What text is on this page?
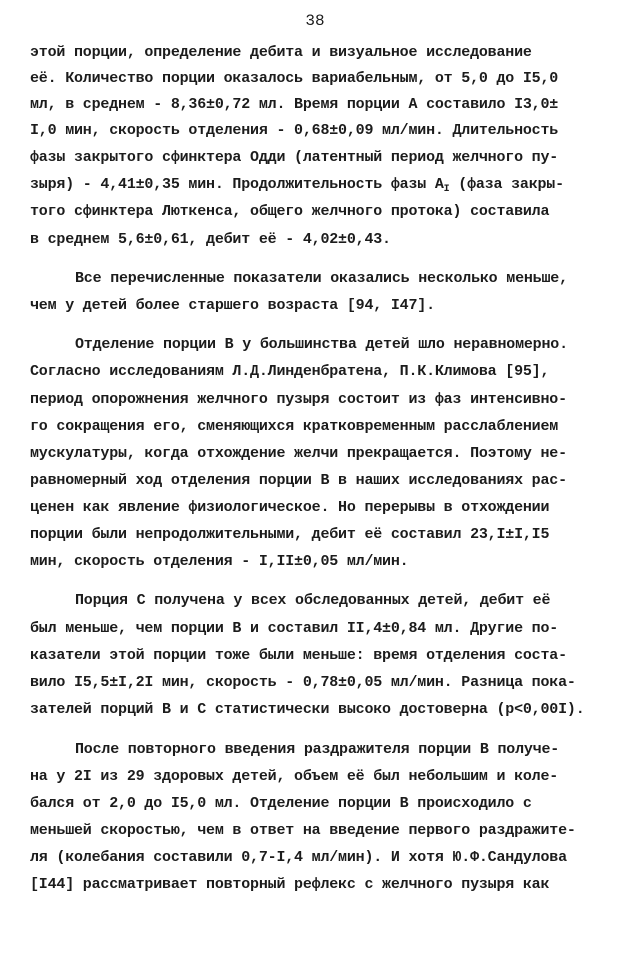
38
этой порции, определение дебита и визуальное исследование
её. Количество порции оказалось вариабельным, от 5,0 до I5,0
мл, в среднем - 8,36±0,72 мл. Время порции А составило I3,0±
I,0 мин, скорость отделения - 0,68±0,09 мл/мин. Длительность
фазы закрытого сфинктера Одди (латентный период желчного пу-
зыря) - 4,41±0,35 мин. Продолжительность фазы $A_I$ (фаза закры-
того сфинктера Люткенса, общего желчного протока) составила
в среднем 5,6±0,61, дебит её - 4,02±0,43.
Все перечисленные показатели оказались несколько меньше,
чем у детей более старшего возраста [94, I47].
Отделение порции В у большинства детей шло неравномерно.
Согласно исследованиям Л.Д.Линденбратена, П.К.Климова [95],
период опорожнения желчного пузыря состоит из фаз интенсивно-
го сокращения его, сменяющихся кратковременным расслаблением
мускулатуры, когда отхождение желчи прекращается. Поэтому не-
равномерный ход отделения порции В в наших исследованиях рас-
ценен как явление физиологическое. Но перерывы в отхождении
порции были непродолжительными, дебит её составил 23,I±I,I5
мин, скорость отделения - I,II±0,05 мл/мин.
Порция С получена у всех обследованных детей, дебит её
был меньше, чем порции В и составил II,4±0,84 мл. Другие по-
казатели этой порции тоже были меньше: время отделения соста-
вило I5,5±I,2I мин, скорость - 0,78±0,05 мл/мин. Разница пока-
зателей порций В и С статистически высоко достоверна (p<0,00I).
После повторного введения раздражителя порции В получе-
на у 2I из 29 здоровых детей, объем её был небольшим и коле-
бался от 2,0 до I5,0 мл. Отделение порции В происходило с
меньшей скоростью, чем в ответ на введение первого раздражите-
ля (колебания составили 0,7-I,4 мл/мин). И хотя Ю.Ф.Сандулова
[I44] рассматривает повторный рефлекс с желчного пузыря как
